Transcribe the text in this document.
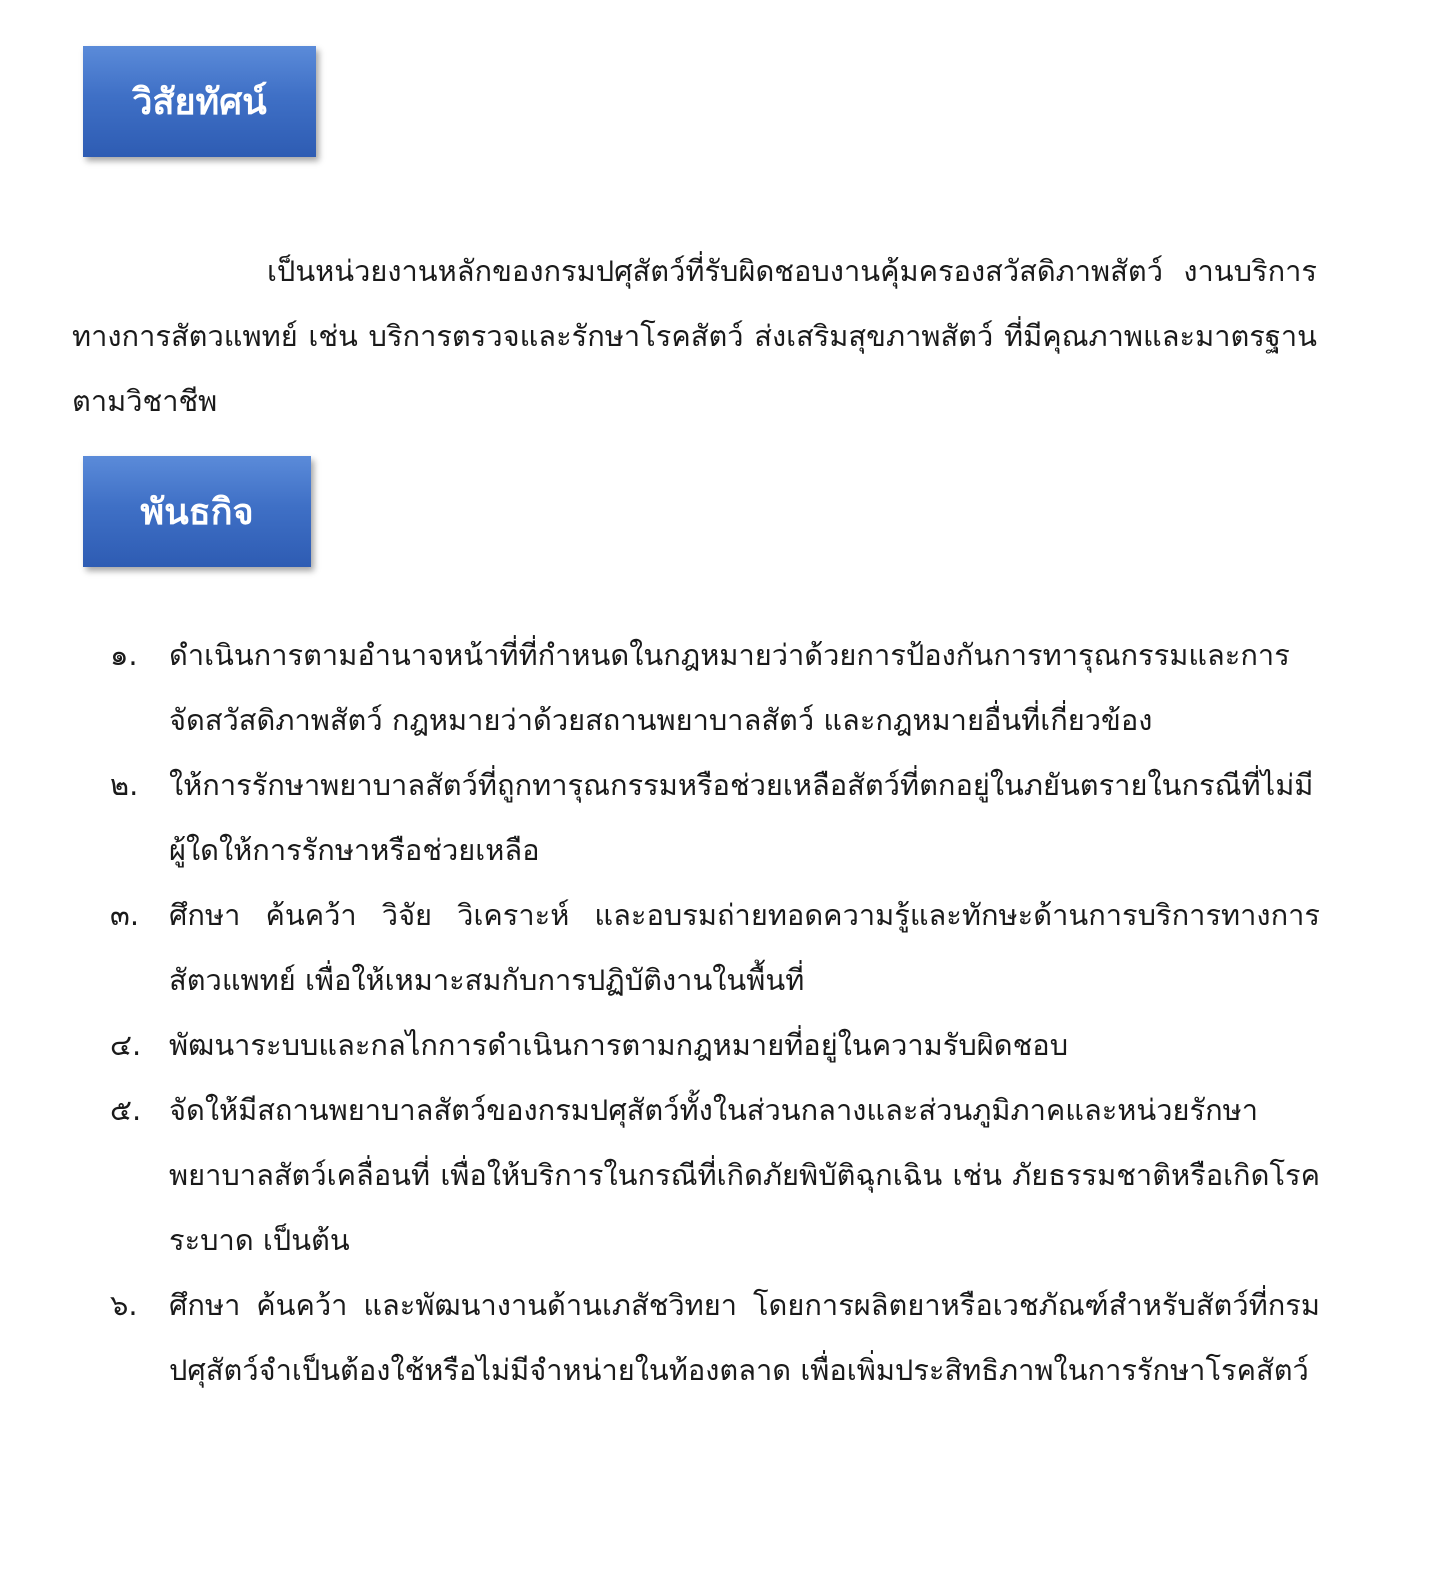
วิสัยทัศน์

เป็นหน่วยงานหลักของกรมปศุสัตว์ที่รับผิดชอบงานคุ้มครองสวัสดิภาพสัตว์ งานบริการทางการสัตวแพทย์ เช่น บริการตรวจและรักษาโรคสัตว์ ส่งเสริมสุขภาพสัตว์ ที่มีคุณภาพและมาตรฐานตามวิชาชีพ

พันธกิจ
๑. ดำเนินการตามอำนาจหน้าที่ที่กำหนดในกฎหมายว่าด้วยการป้องกันการทารุณกรรมและการจัดสวัสดิภาพสัตว์ กฎหมายว่าด้วยสถานพยาบาลสัตว์ และกฎหมายอื่นที่เกี่ยวข้อง
๒. ให้การรักษาพยาบาลสัตว์ที่ถูกทารุณกรรมหรือช่วยเหลือสัตว์ที่ตกอยู่ในภยันตรายในกรณีที่ไม่มีผู้ใดให้การรักษาหรือช่วยเหลือ
๓. ศึกษา ค้นคว้า วิจัย วิเคราะห์ และอบรมถ่ายทอดความรู้และทักษะด้านการบริการทางการสัตวแพทย์ เพื่อให้เหมาะสมกับการปฏิบัติงานในพื้นที่
๔. พัฒนาระบบและกลไกการดำเนินการตามกฎหมายที่อยู่ในความรับผิดชอบ
๕. จัดให้มีสถานพยาบาลสัตว์ของกรมปศุสัตว์ทั้งในส่วนกลางและส่วนภูมิภาคและหน่วยรักษาพยาบาลสัตว์เคลื่อนที่ เพื่อให้บริการในกรณีที่เกิดภัยพิบัติฉุกเฉิน เช่น ภัยธรรมชาติหรือเกิดโรคระบาด เป็นต้น
๖. ศึกษา ค้นคว้า และพัฒนางานด้านเภสัชวิทยา โดยการผลิตยาหรือเวชภัณฑ์สำหรับสัตว์ที่กรมปศุสัตว์จำเป็นต้องใช้หรือไม่มีจำหน่ายในท้องตลาด เพื่อเพิ่มประสิทธิภาพในการรักษาโรคสัตว์
